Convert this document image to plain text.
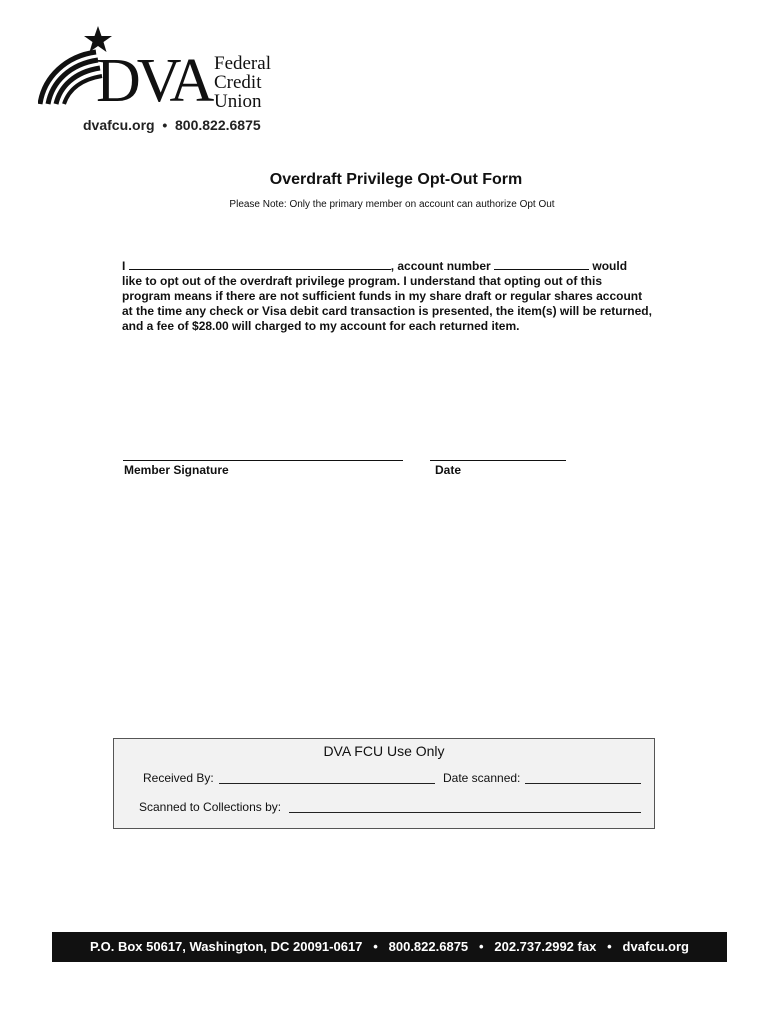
DVA Federal
Credit
Union
dvafcu.org  •  800.822.6875
Overdraft Privilege Opt-Out Form
Please Note: Only the primary member on account can authorize Opt Out
I	, account number	would
like to opt out of the overdraft privilege program. I understand that opting out of this program means if there are not sufficient funds in my share draft or regular shares account at the time any check or Visa debit card transaction is presented, the item(s) will be returned, and a fee of $28.00 will charged to my account for each returned item.
Member Signature	Date
DVA FCU Use Only
Received By:	Date scanned:
Scanned to Collections by:
P.O. Box 50617, Washington, DC 20091-0617   •   800.822.6875   •   202.737.2992 fax   •   dvafcu.org
